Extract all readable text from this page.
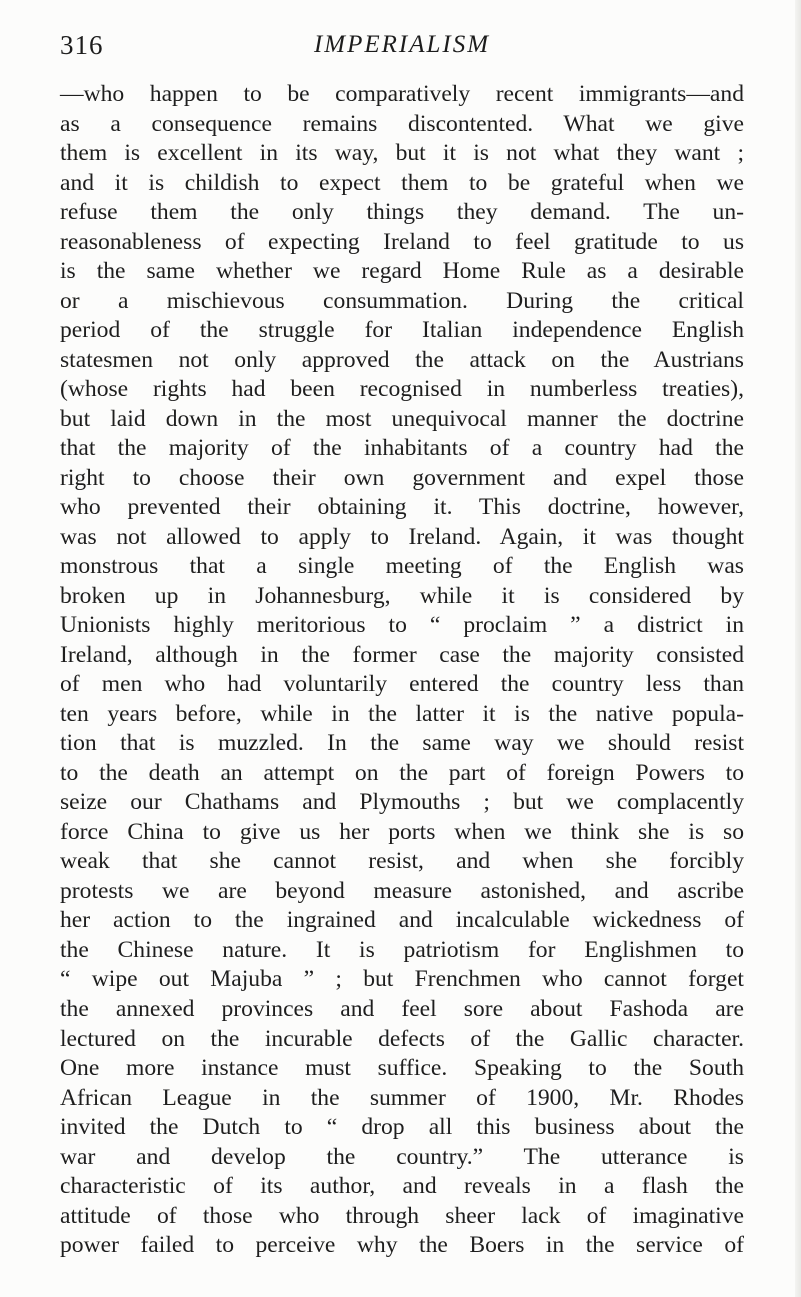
316	IMPERIALISM
—who happen to be comparatively recent immigrants—and
as a consequence remains discontented. What we give
them is excellent in its way, but it is not what they want ;
and it is childish to expect them to be grateful when we
refuse them the only things they demand. The un-
reasonableness of expecting Ireland to feel gratitude to us
is the same whether we regard Home Rule as a desirable
or a mischievous consummation. During the critical
period of the struggle for Italian independence English
statesmen not only approved the attack on the Austrians
(whose rights had been recognised in numberless treaties),
but laid down in the most unequivocal manner the doctrine
that the majority of the inhabitants of a country had the
right to choose their own government and expel those
who prevented their obtaining it. This doctrine, however,
was not allowed to apply to Ireland. Again, it was thought
monstrous that a single meeting of the English was
broken up in Johannesburg, while it is considered by
Unionists highly meritorious to “ proclaim ” a district in
Ireland, although in the former case the majority consisted
of men who had voluntarily entered the country less than
ten years before, while in the latter it is the native popula-
tion that is muzzled. In the same way we should resist
to the death an attempt on the part of foreign Powers to
seize our Chathams and Plymouths ; but we complacently
force China to give us her ports when we think she is so
weak that she cannot resist, and when she forcibly
protests we are beyond measure astonished, and ascribe
her action to the ingrained and incalculable wickedness of
the Chinese nature. It is patriotism for Englishmen to
“ wipe out Majuba ” ; but Frenchmen who cannot forget
the annexed provinces and feel sore about Fashoda are
lectured on the incurable defects of the Gallic character.
One more instance must suffice. Speaking to the South
African League in the summer of 1900, Mr. Rhodes
invited the Dutch to “ drop all this business about the
war and develop the country.” The utterance is
characteristic of its author, and reveals in a flash the
attitude of those who through sheer lack of imaginative
power failed to perceive why the Boers in the service of
